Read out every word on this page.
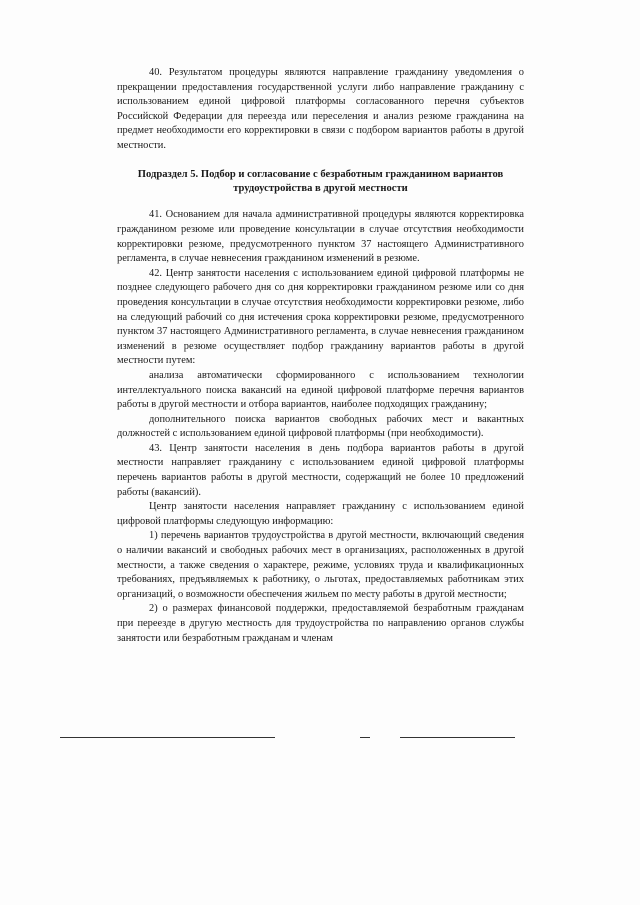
40. Результатом процедуры являются направление гражданину уведомления о прекращении предоставления государственной услуги либо направление гражданину с использованием единой цифровой платформы согласованного перечня субъектов Российской Федерации для переезда или переселения и анализ резюме гражданина на предмет необходимости его корректировки в связи с подбором вариантов работы в другой местности.

Подраздел 5. Подбор и согласование с безработным гражданином вариантов трудоустройства в другой местности

41. Основанием для начала административной процедуры являются корректировка гражданином резюме или проведение консультации в случае отсутствия необходимости корректировки резюме, предусмотренного пунктом 37 настоящего Административного регламента, в случае невнесения гражданином изменений в резюме.

42. Центр занятости населения с использованием единой цифровой платформы не позднее следующего рабочего дня со дня корректировки гражданином резюме или со дня проведения консультации в случае отсутствия необходимости корректировки резюме, либо на следующий рабочий со дня истечения срока корректировки резюме, предусмотренного пунктом 37 настоящего Административного регламента, в случае невнесения гражданином изменений в резюме осуществляет подбор гражданину вариантов работы в другой местности путем:

анализа автоматически сформированного с использованием технологии интеллектуального поиска вакансий на единой цифровой платформе перечня вариантов работы в другой местности и отбора вариантов, наиболее подходящих гражданину;

дополнительного поиска вариантов свободных рабочих мест и вакантных должностей с использованием единой цифровой платформы (при необходимости).

43. Центр занятости населения в день подбора вариантов работы в другой местности направляет гражданину с использованием единой цифровой платформы перечень вариантов работы в другой местности, содержащий не более 10 предложений работы (вакансий).

Центр занятости населения направляет гражданину с использованием единой цифровой платформы следующую информацию:

1) перечень вариантов трудоустройства в другой местности, включающий сведения о наличии вакансий и свободных рабочих мест в организациях, расположенных в другой местности, а также сведения о характере, режиме, условиях труда и квалификационных требованиях, предъявляемых к работнику, о льготах, предоставляемых работникам этих организаций, о возможности обеспечения жильем по месту работы в другой местности;

2) о размерах финансовой поддержки, предоставляемой безработным гражданам при переезде в другую местность для трудоустройства по направлению органов службы занятости или безработным гражданам и членам
